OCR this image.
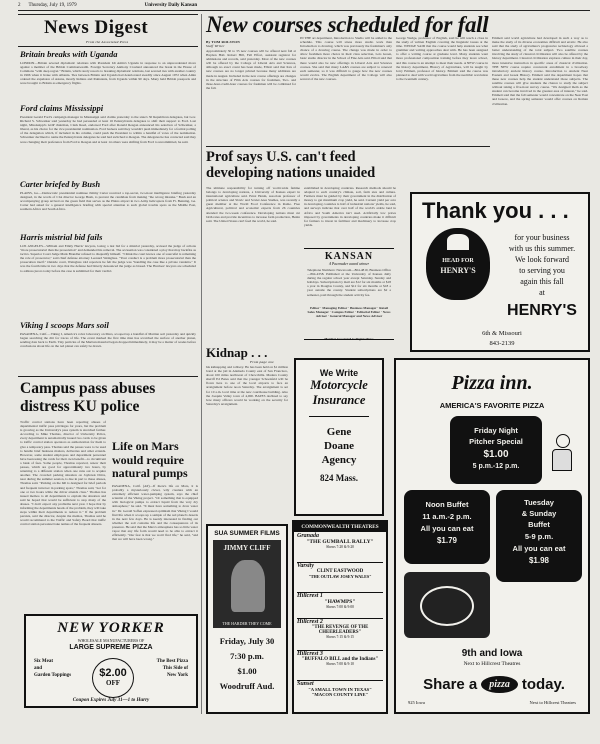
2 Thursday, July 19, 1979	University Daily Kansan
News Digest
From the Associated Press
Britain breaks with Uganda
LONDON—Britain severed diplomatic relations with President Idi Amin's Uganda in response to an unprecedented move against a member of the British Commonwealth. Foreign Secretary Anthony Crosland announced the break in the House of Commons "with deep regret." Britain, which rarely resorts to breaking diplomatic relations, last severed ties with another country in 1966 when it broke with Albania. Ties between Britain and Uganda had deteriorated steadily since August 1972 when Amin ordered the expulsion of Asians, mostly Indians and Pakistanis, from Uganda within 90 days. Many held British passports and were brought to Britain as emergency flights.
Ford claims Mississippi
President Gerald Ford's campaign manager in Mississippi said claims yesterday to the state's 30 Republican delegates, but Gov. Richard S. Schweiker said yesterday he had persuaded at least 16 Pennsylvania delegates to shift their support to Ford. Last night, Mississippi's GOP chairman, Clark Reed, endorsed Ford after Ronald Reagan announced his selection of Schweiker, a liberal, as his choice for the vice presidential nomination. Ford backers said they wouldn't push immediately for a formal polling of the delegation which, if included in his column, could push the President to within a handful of votes of the nomination. Schweiker declined to name the Pennsylvania delegates he said had switched to Reagan. The delegates he has contacted said they were changing their preference from Ford to Reagan and at least 14 others were shifting from Ford to uncommitted, he said.
Carter briefed by Bush
PLAINS, Ga.—Democratic presidential nominee Jimmy Carter received a top-secret, two-hour intelligence briefing yesterday designed, in the words of CIA director George Bush, to prevent the candidate from making "the wrong mistake." Bush and an accompanying group arrived on the green field that serves as the Plains airport in two Army helicopters from Ft. Benning, Ga. Carter had asked for a general intelligence briefing with special attention to such global trouble spots as the Middle East, southern Africa and South Africa.
Harris mistrial bid fails
LOS ANGELES—William and Emily Harris' lawyers, losing a last bid for a mistrial yesterday, accused the judge of actions "more prosecutorial than the prosecution" and demanded his removal. The accusation was considered a ploy that may backfire as tactics. Superior Court Judge Mark Brandler refused to disqualify himself. "I think the court knows one of sourceful is remaining the role of prosecutor," said chief defense attorney Leonard Weinglass. "Your conduct is a problem more prosecutorial than the prosecution itself." Outside court, Weinglass told reporters he felt the judge was "handling the case like a private vendetta." It was the fourth time in two days that the defense had bitterly denounced the judge as biased. The Harrises' lawyers are scheduled to address jurors today before the case is submitted for their verdict.
Viking I scoops Mars soil
PASADENA, Calif.—Viking I, America's robot laboratory on Mars, scooped up a handful of Martian soil yesterday and quickly began searching the dirt for traces of life. The event marked the first time man has scratched the surface of another planet, sending data back to Earth. Tiny particles of the Martian material began dropped immediately, it may be a matter of weeks before conclusions about life on the red planet can safely be drawn.
Campus pass abuses distress KU police
Traffic control stations have been reporting abuses of departmental traffic pass privileges for years, but the problem is growing as the University's pass system is stretched farther. According to Mike Thomas, director of University Police, every department is automatically issued two cards to be given to traffic control station operators as authorization for them to give a temporary pass. Thomas said the passes were to be used to handle brief business matters, deliveries and other errands. However, some student employees and department personnel have been using the cards for their own benefit—to circumvent a bank of fees. Some people, Thomas reported, renew their passes, which are good for approximately two hours, by returning to a different station when one runs out to acquire another. The crowded parking situation on Jayhawk Drive, near during the summer session, is due in part to these abuses, Thomas said. "Parking on the hill is designed for brief periods and frequent turnover in parking spots," Thomas said, "not for one or two hours while the driver attends class." Thomas has issued memos to all departments to explain the situation and said he hoped that would be sufficient to stop many of the abuses. "I don't expect any problems next year. I hope that by informing the departments heads of the problem, they will take steps within their departments to reduce it." If the problem persists, said the director, despite the memos, Thomas said he would recommend to the Traffic and Safety Board that traffic control station personnel take names of the frequent abusers.
Life on Mars would require natural pumps
PASADENA, Calif. (AP)—If there's life on Mars, it is probably a mysteriously clever, wily creature with an extremely efficient water-pumping system, says the chief scientist of the Viking project. "Or something that is equipped with biological pumps to extract liquid from the very dry atmosphere," he said. "It must have something to draw water in." Dr. Gerald Soffen expressed optimism that Viking I would find life when it scoops up a sample of the red planet's deserts in the next few days. He is keenly interested in finding out whether the soil contains life and the consequences of its presence. He said that the Mars's atmosphere has so little water vapor that any life form would need to be able to extract it efficiently. "Our fear is that we won't find life," he said, "and that we will have been wrong."
NEW YORKER
WHOLESALE MANUFACTURERS OF
LARGE SUPREME PIZZA
Six Meat
and
Garden Toppings	$2.00
OFF
The Best Pizza
This Side of
New York
Coupon Expires July 31—1 to Hurry
New courses scheduled for fall
By TOM ROLSTON
Staff Writer
Approximately 30 to 35 new courses will be offered next fall at Hayden Hall. Robert Hill, Fall Effort, assistant registrar for admissions and records, said yesterday. Most of the new courses will be offered by the College of Liberal Arts and Sciences, although no exact count has been made, Elliott said that lists of new courses are no longer printed because many additions are made in August. Included in the new course offerings are changes in the structure of Film Arts courses for freshmen, Two- and three-hour-credit-hour courses for freshmen will be combined for the fall.
IN THE art department, Introduction to Studio will be added to the schedule. This course will stress more studio work than Introduction to drawing, which was previously the freshman's only chance of a drawing course. The change was made in order to allow freshmen more choice in their class selection, Lois Green, basic studio director in the School of Fine Arts said. Elliott said that there would also be new offerings in Liberal Arts and Sciences courses. She said that many LA&S courses are subject to renewal each semester, so it was difficult to gauge how the new courses would evolve. The English department of the College will also several of the new courses.
George Wedge, professor of English, said he will teach a class in the study of written English covering the linguistic issues at the time. WEDGE SAID that the course would help students see what grammar and writing approaches deal with. He has been assigned to offer a writing course at graduate level. Many students want more professional composition training before they leave school, and this course is an attempt to meet their needs. A NEW course in the history department, History of Agriculture, will be taught by Jerry Emmett, professor of history. Emmett said the course was planned to deal with world agriculture from the neolithic revolution to the twentieth century.
Emmett said world agriculture had developed in such a way as to make the study of its diverse economies difficult and erratic. He also said that the study of agriculture's progressive technology allowed a better understanding of the total subject. Two satellite courses involving the study of classical civilization will also be offered by the history department. Classical civilization explores culture in their day, more intensive instruction in specific areas of classical civilization. THE NEW course require concurrent enrollment in a broadway introductory ancient history course. Introduction to Ancient Near Eastern and Greek History. Emmett said the department hopes that these new courses help the student understand those subjects. The satellite courses will give students the chance to study the subject without taking a five-hour survey course. "We designed them as the student can become involved in the greatest area of interest," he said. Emmett said that the fall semester would concentrate on the Near East and Greece, and the spring semester would offer courses on Roman civilization.
Prof says U.S. can't feed developing nations unaided
The ultimate responsibility for turning off world-wide famine belongs to developing nations, a University of Kansas expert in international agriculture said. Ernst Henin, associate professor of political science and Slavic and Soviet Area Studies, was recently a guest member at the World Food Conference in Rome. Free Agricultural, political and economic experts from 26 countries attended the two-week conference. Developing nations must cut birth rates and provide incentives to increase farm production, Henin said. The United States can't feed the world, he said.
established in developing countries. Research methods should be adapted to each country's climate, soil, farm size and culture. Farmers must be guided by their government in the distribution of money to get maximum crop yield, he said. Current yield per acre in developing countries is half of industrial nations' yields, he said, and surveys indicate that over half of the world's arable land in Africa and South America isn't used. Artificially low prices imposed by governments in developing countries make it difficult for farmers to invest in fertilizer and machinery to increase crop yields.
KANSAN
A Pacemaker award winner
Telephone Numbers: Newsroom—864-4810, Business Office—864-4358. Published at the University of Kansas daily during the regular school year except Saturday, Sunday and holidays. Subscriptions by mail are $12 for six months or $18 a year in Douglas County, and $12 for six months or $18 a year outside the county. Student subscriptions are $2 a semester, paid through the student activity fee.
Editor · Managing Editor · Business Manager · Retail Sales Manager · Campus Editor · Editorial Editor · News Adviser · General Manager and News Adviser
Member Associated Collegiate Press
Kidnap . . .
From page one
his kidnapping and robbery. He has been held on $1 million bond at the jail in Alameda County east of San Francisco, about 100 miles northwest of Chowchilla. Madera County sheriff Ed Bates said that the younger Schoenfeld will be flown here to one of the local airports to face an arraignment before noon Saturday. The arraignment is set for 10 a.m. local time at the new courthouse building. Also the Joaquin Valley town of 4,000. BATES declined to say how many officers would be working on the security for Saturday's arraignment.
We Write
Motorcycle
Insurance
Gene
Doane
Agency
824 Mass.
SUA SUMMER FILMS
JIMMY CLIFF
THE HARDER THEY COME
Friday, July 30
7:30 p.m.
$1.00
Woodruff Aud.
COMMONWEALTH THEATRES
Granada
"THE GUMBALL RALLY"
Shows 7:20 & 9:20
Varsity
CLINT EASTWOOD
"THE OUTLAW JOSEY WALES"
Hillcrest 1
"HAWMPS"
Shows 7:00 & 9:00
Hillcrest 2
"THE REVENGE OF THE CHEERLEADERS"
Shows 7:15 & 9:15
Hillcrest 3
"BUFFALO BILL and the Indians"
Shows 7:00 & 9:10
Sunset
"A SMALL TOWN IN TEXAS"
"MACON COUNTY LINE"
Thank you . . .
for your business
with us this summer.
We look forward
to serving you
again this fall
at
HEAD FOR
HENRY'S
HENRY'S
6th & Missouri
843-2139
Pizza inn.
AMERICA'S FAVORITE PIZZA
Friday Night
Pitcher Special
$1.00
5 p.m.-12 p.m.
Noon Buffet
11 a.m.-2 p.m.
All you can eat
$1.79
Tuesday
& Sunday
Buffet
5-9 p.m.
All you can eat
$1.98
9th and Iowa
Next to Hillcrest Theatres
Share a	pizza today.
925 Iowa	Next to Hillcrest Theatres
